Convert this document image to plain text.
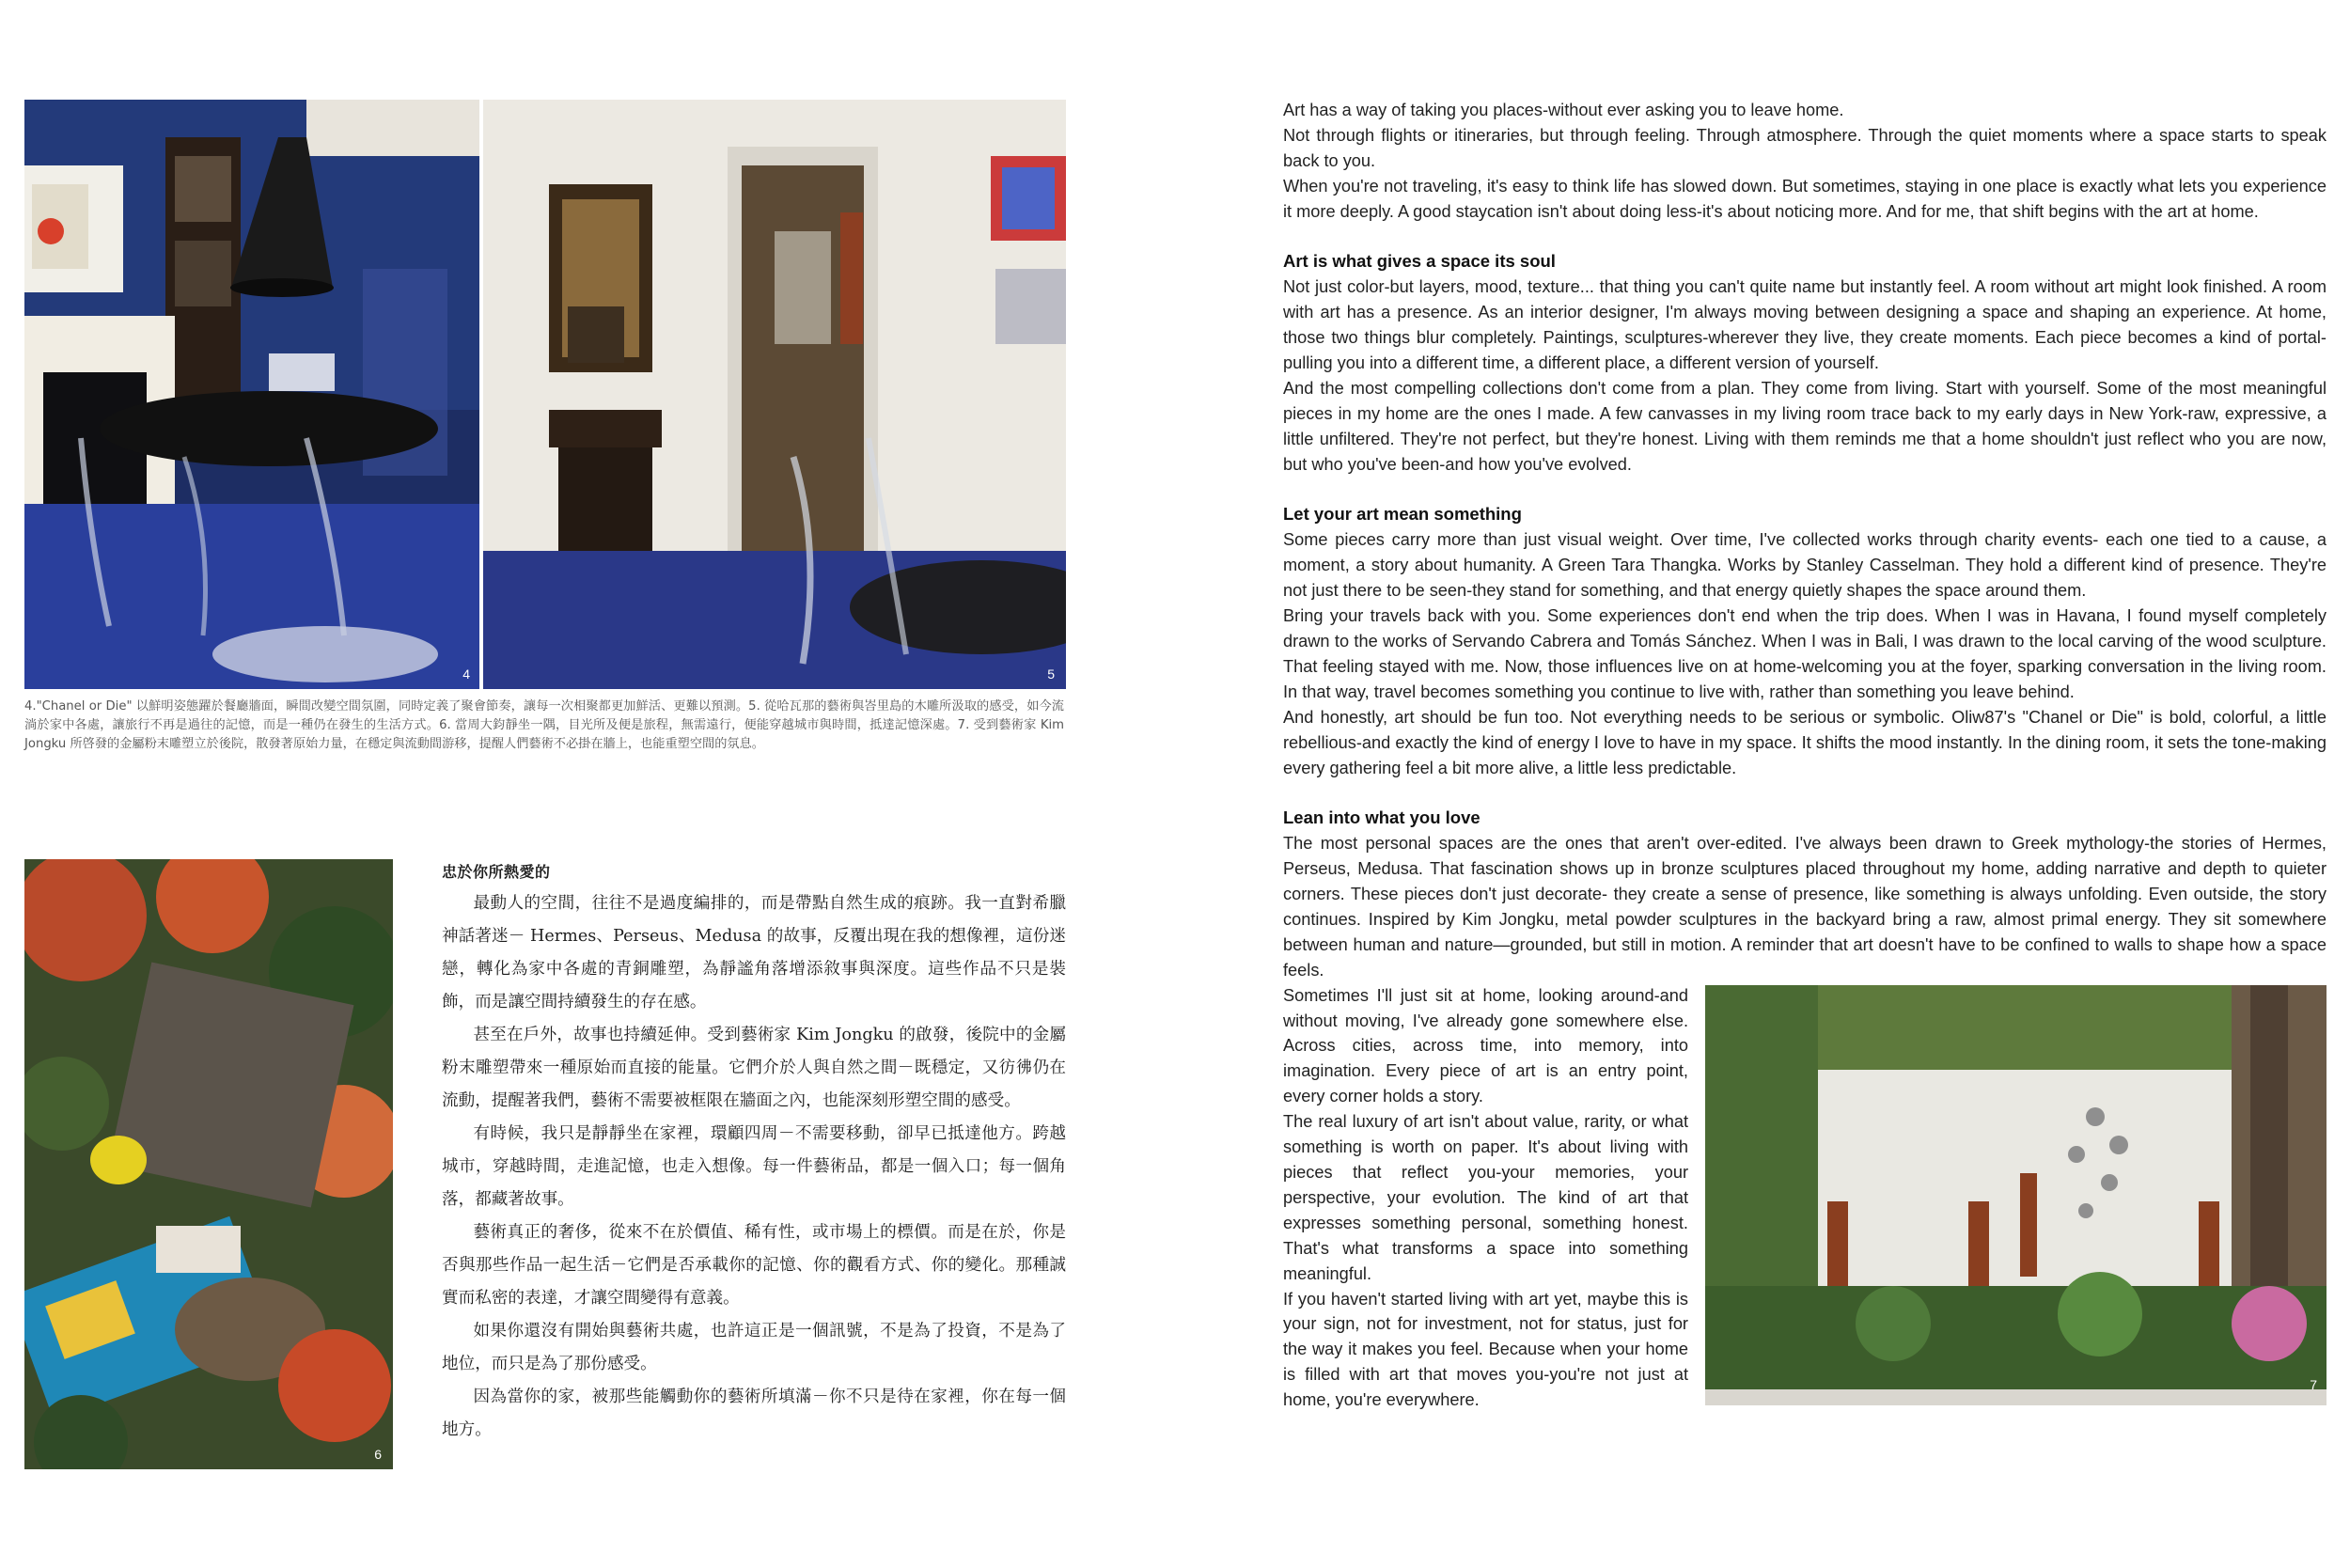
4	5
4."Chanel or Die" 以鮮明姿態躍於餐廳牆面，瞬間改變空間氛圍，同時定義了聚會節奏，讓每一次相聚都更加鮮活、更難以預測。5. 從哈瓦那的藝術與峇里島的木雕所汲取的感受，如今流淌於家中各處，讓旅行不再是過往的記憶，而是一種仍在發生的生活方式。6. 當周大鈞靜坐一隅，目光所及便是旅程，無需遠行，便能穿越城市與時間，抵達記憶深處。7. 受到藝術家 Kim Jongku 所啓發的金屬粉末雕塑立於後院，散發著原始力量，在穩定與流動間游移，提醒人們藝術不必掛在牆上，也能重塑空間的氛息。
6
忠於你所熱愛的

最動人的空間，往往不是過度編排的，而是帶點自然生成的痕跡。我一直對希臘神話著迷－ Hermes、Perseus、Medusa 的故事，反覆出現在我的想像裡，這份迷戀，轉化為家中各處的青銅雕塑，為靜謐角落增添敘事與深度。這些作品不只是裝飾，而是讓空間持續發生的存在感。

甚至在戶外，故事也持續延伸。受到藝術家 Kim Jongku 的啟發，後院中的金屬粉末雕塑帶來一種原始而直接的能量。它們介於人與自然之間－既穩定，又彷彿仍在流動，提醒著我們，藝術不需要被框限在牆面之內，也能深刻形塑空間的感受。

有時候，我只是靜靜坐在家裡，環顧四周－不需要移動，卻早已抵達他方。跨越城市，穿越時間，走進記憶，也走入想像。每一件藝術品，都是一個入口；每一個角落，都藏著故事。

藝術真正的奢侈，從來不在於價值、稀有性，或市場上的標價。而是在於，你是否與那些作品一起生活－它們是否承載你的記憶、你的觀看方式、你的變化。那種誠實而私密的表達，才讓空間變得有意義。

如果你還沒有開始與藝術共處，也許這正是一個訊號，不是為了投資，不是為了地位，而只是為了那份感受。

因為當你的家，被那些能觸動你的藝術所填滿－你不只是待在家裡，你在每一個地方。

Art has a way of taking you places-without ever asking you to leave home.

Not through flights or itineraries, but through feeling. Through atmosphere. Through the quiet moments where a space starts to speak back to you.

When you're not traveling, it's easy to think life has slowed down. But sometimes, staying in one place is exactly what lets you experience it more deeply. A good staycation isn't about doing less-it's about noticing more. And for me, that shift begins with the art at home.

Art is what gives a space its soul

Not just color-but layers, mood, texture... that thing you can't quite name but instantly feel. A room without art might look finished. A room with art has a presence. As an interior designer, I'm always moving between designing a space and shaping an experience. At home, those two things blur completely. Paintings, sculptures-wherever they live, they create moments. Each piece becomes a kind of portal-pulling you into a different time, a different place, a different version of yourself.

And the most compelling collections don't come from a plan. They come from living. Start with yourself. Some of the most meaningful pieces in my home are the ones I made. A few canvasses in my living room trace back to my early days in New York-raw, expressive, a little unfiltered. They're not perfect, but they're honest. Living with them reminds me that a home shouldn't just reflect who you are now, but who you've been-and how you've evolved.

Let your art mean something

Some pieces carry more than just visual weight. Over time, I've collected works through charity events- each one tied to a cause, a moment, a story about humanity. A Green Tara Thangka. Works by Stanley Casselman. They hold a different kind of presence. They're not just there to be seen-they stand for something, and that energy quietly shapes the space around them.

Bring your travels back with you. Some experiences don't end when the trip does. When I was in Havana, I found myself completely drawn to the works of Servando Cabrera and Tomás Sánchez. When I was in Bali, I was drawn to the local carving of the wood sculpture. That feeling stayed with me. Now, those influences live on at home-welcoming you at the foyer, sparking conversation in the living room. In that way, travel becomes something you continue to live with, rather than something you leave behind.

And honestly, art should be fun too. Not everything needs to be serious or symbolic. Oliw87's "Chanel or Die" is bold, colorful, a little rebellious-and exactly the kind of energy I love to have in my space. It shifts the mood instantly. In the dining room, it sets the tone-making every gathering feel a bit more alive, a little less predictable.

Lean into what you love

The most personal spaces are the ones that aren't over-edited. I've always been drawn to Greek mythology-the stories of Hermes, Perseus, Medusa. That fascination shows up in bronze sculptures placed throughout my home, adding narrative and depth to quieter corners. These pieces don't just decorate- they create a sense of presence, like something is always unfolding. Even outside, the story continues. Inspired by Kim Jongku, metal powder sculptures in the backyard bring a raw, almost primal energy. They sit somewhere between human and nature—grounded, but still in motion. A reminder that art doesn't have to be confined to walls to shape how a space feels.

7

Sometimes I'll just sit at home, looking around-and without moving, I've already gone somewhere else. Across cities, across time, into memory, into imagination. Every piece of art is an entry point, every corner holds a story.

The real luxury of art isn't about value, rarity, or what something is worth on paper. It's about living with pieces that reflect you-your memories, your perspective, your evolution. The kind of art that expresses something personal, something honest. That's what transforms a space into something meaningful.

If you haven't started living with art yet, maybe this is your sign, not for investment, not for status, just for the way it makes you feel. Because when your home is filled with art that moves you-you're not just at home, you're everywhere.
